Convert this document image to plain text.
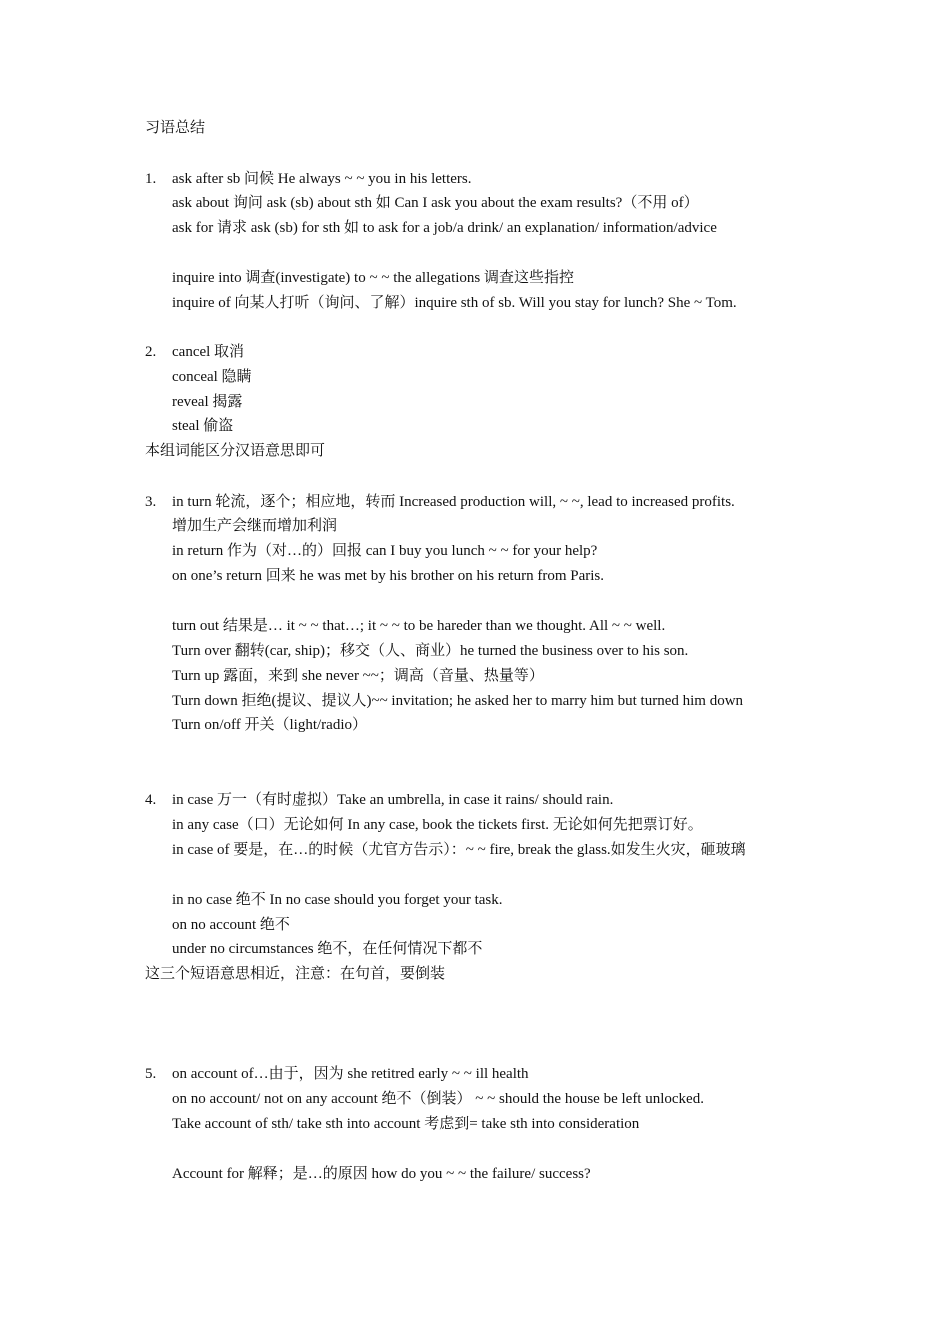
习语总结
1. ask after sb 问候 He always ~ ~ you in his letters.
ask about 询问 ask (sb) about sth 如 Can I ask you about the exam results?（不用 of）
ask for 请求 ask (sb) for sth 如 to ask for a job/a drink/ an explanation/ information/advice
inquire into 调查(investigate) to ~ ~ the allegations 调查这些指控
inquire of 向某人打听（询问、了解）inquire sth of sb. Will you stay for lunch? She ~ Tom.
2. cancel 取消
conceal 隐瞒
reveal 揭露
steal 偷盗
本组词能区分汉语意思即可
3. in turn 轮流，逐个；相应地，转而 Increased production will, ~ ~, lead to increased profits.
增加生产会继而增加利润
in return 作为（对…的）回报 can I buy you lunch ~ ~ for your help?
on one’s return 回来 he was met by his brother on his return from Paris.
turn out 结果是… it ~ ~ that…; it ~ ~ to be hareder than we thought. All ~ ~ well.
Turn over 翻转(car, ship)；移交（人、商业）he turned the business over to his son.
Turn up 露面，来到 she never ~~；调高（音量、热量等）
Turn down 拒绝(提议、提议人)~~ invitation; he asked her to marry him but turned him down
Turn on/off 开关（light/radio）
4. in case 万一（有时虚拟）Take an umbrella, in case it rains/ should rain.
in any case（口）无论如何 In any case, book the tickets first. 无论如何先把票订好。
in case of 要是，在…的时候（尤官方告示）：~ ~ fire, break the glass.如发生火灾，砸玻璃
in no case 绝不 In no case should you forget your task.
on no account 绝不
under no circumstances 绝不，在任何情况下都不
这三个短语意思相近，注意：在句首，要倒装
5. on account of…由于，因为 she retitred early ~ ~ ill health
on no account/ not on any account 绝不（倒装） ~ ~ should the house be left unlocked.
Take account of sth/ take sth into account 考虑到= take sth into consideration
Account for 解释；是…的原因 how do you ~ ~ the failure/ success?
